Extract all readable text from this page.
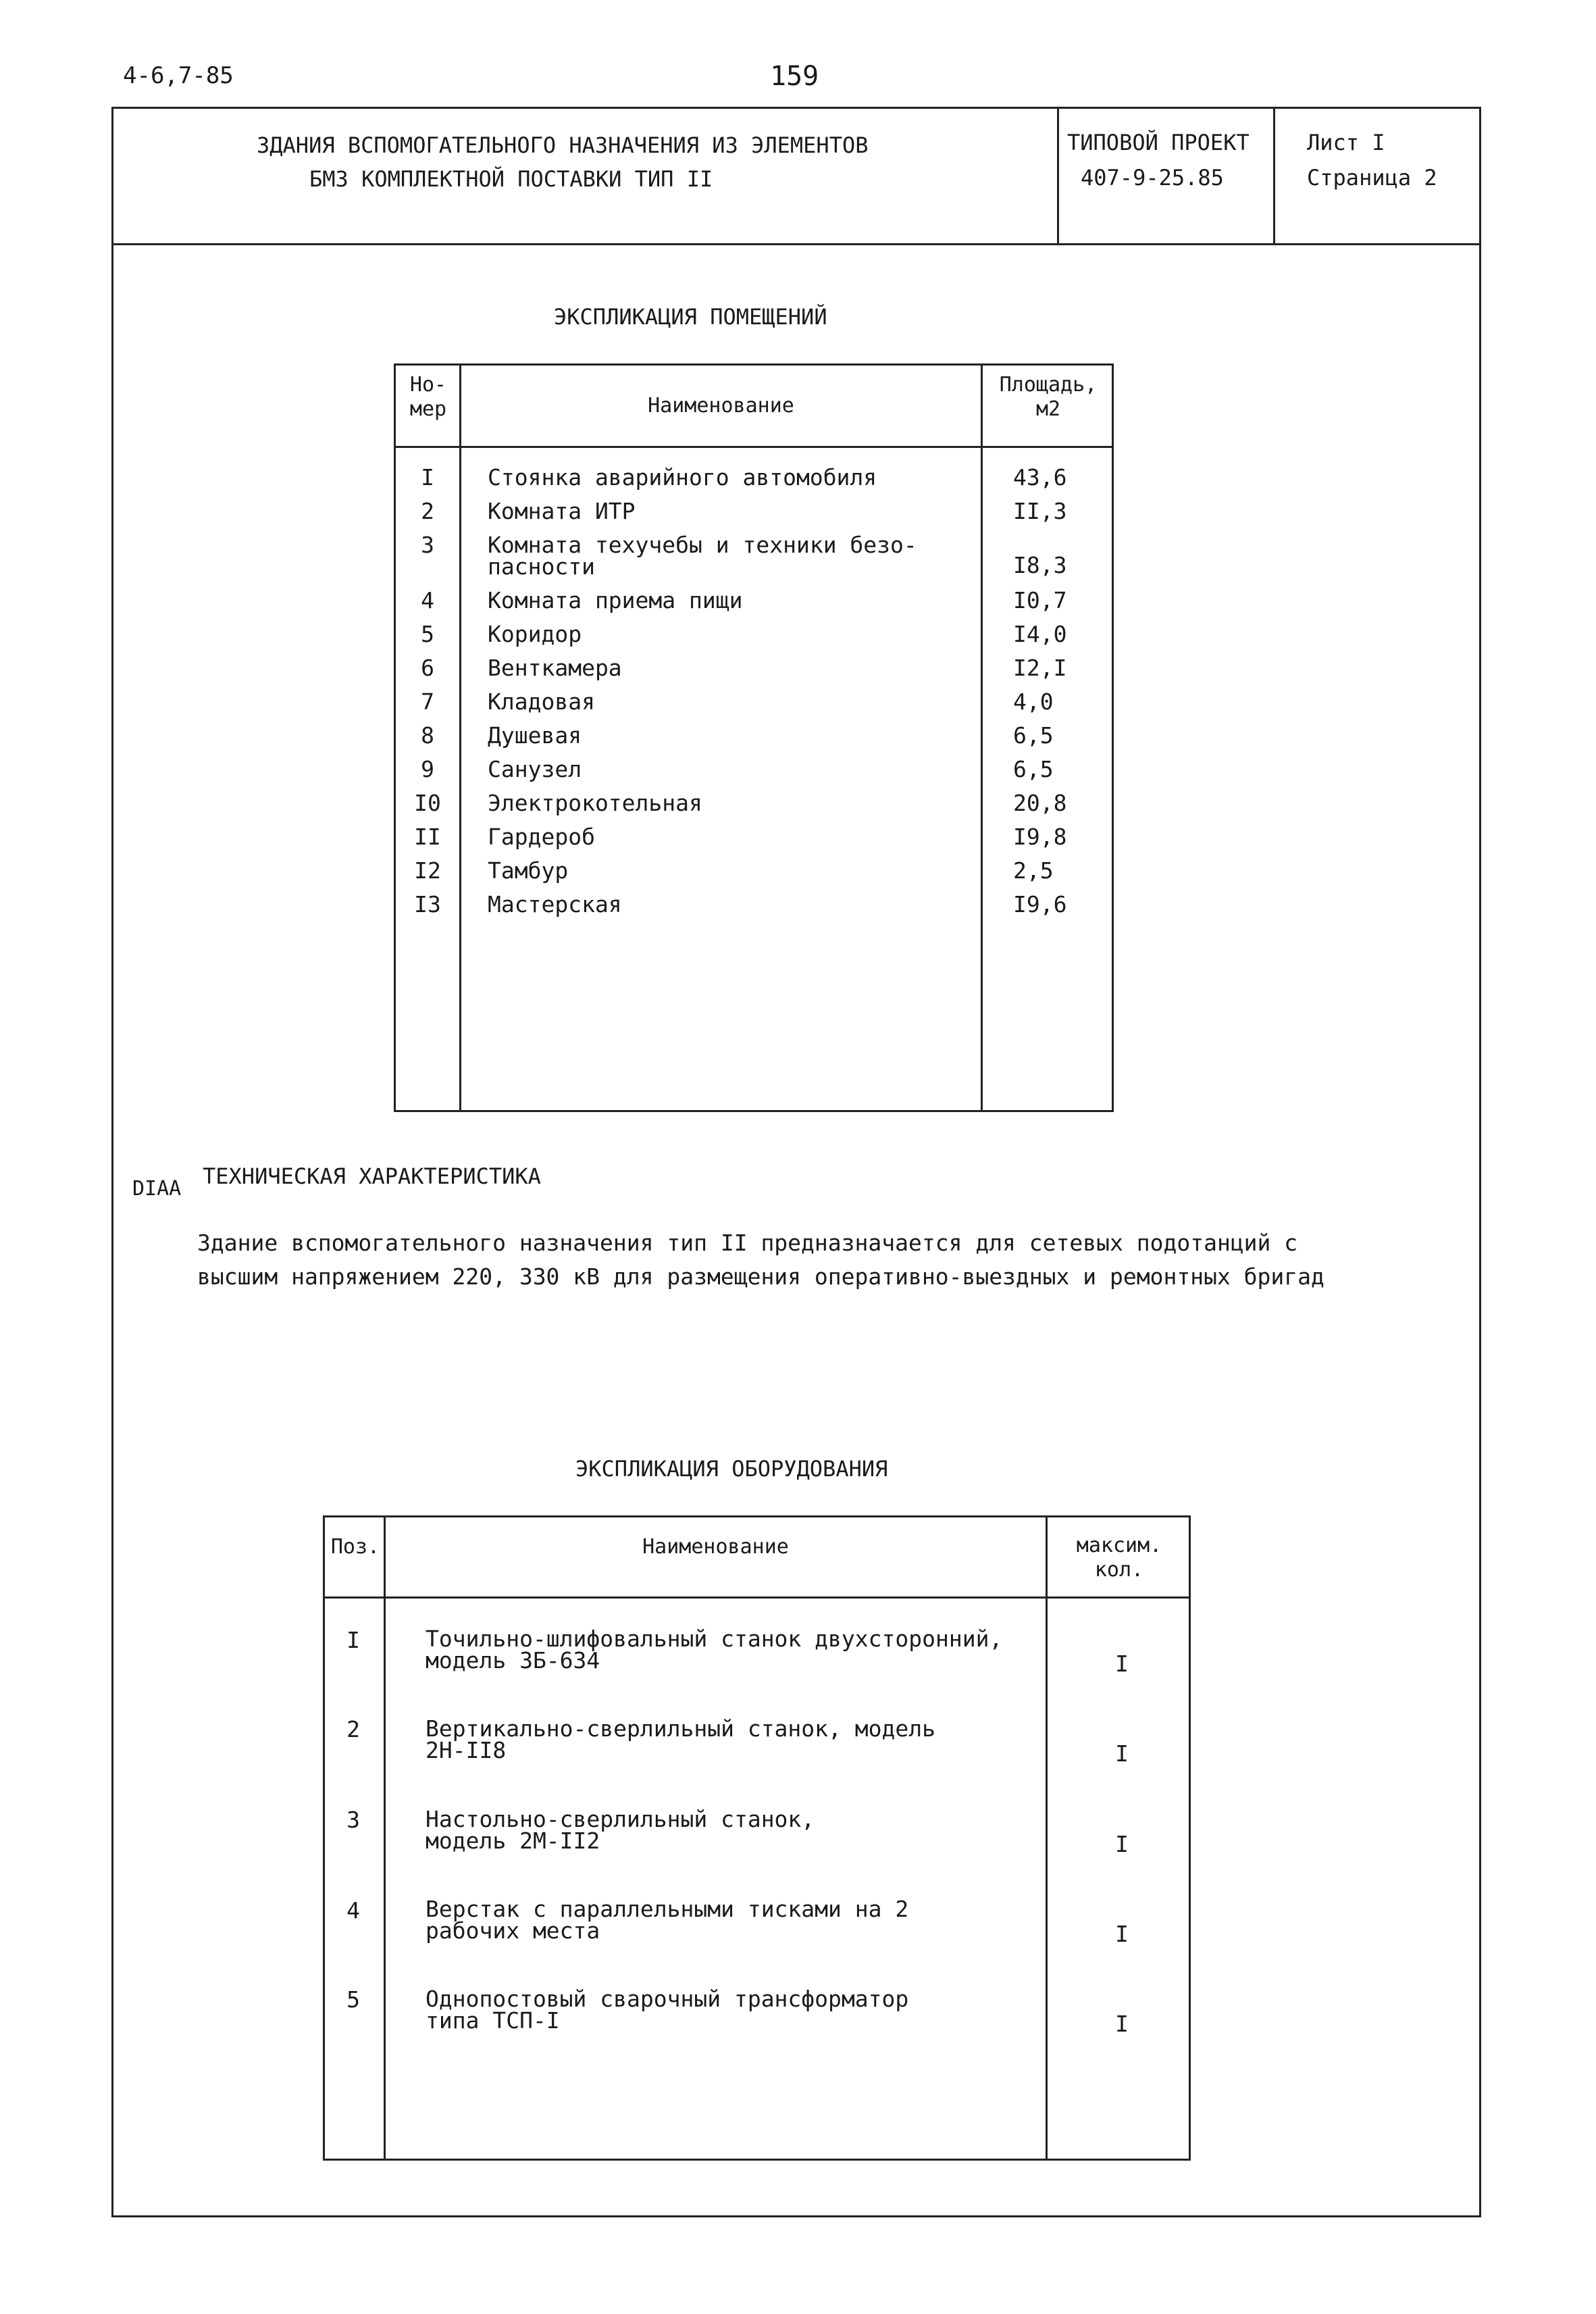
4-6,7-85	159
ЗДАНИЯ ВСПОМОГАТЕЛЬНОГО НАЗНАЧЕНИЯ ИЗ ЭЛЕМЕНТОВ
БМЗ КОМПЛЕКТНОЙ ПОСТАВКИ ТИП II
ТИПОВОЙ ПРОЕКТ
407-9-25.85
Лист I
Страница 2
ЭКСПЛИКАЦИЯ ПОМЕЩЕНИЙ
Но-
мер	Наименование
Площадь,
м2
I	Стоянка аварийного автомобиля	43,6
2	Комната ИТР	II,3
3	Комната техучебы и техники безо-
пасности	I8,3
4	Комната приема пищи	I0,7
5	Коридор	I4,0
6	Венткамера	I2,I
7	Кладовая	4,0
8	Душевая	6,5
9	Санузел	6,5
I0	Электрокотельная	20,8
II	Гардероб	I9,8
I2	Тамбур	2,5
I3	Мастерская	I9,6
DIAA ТЕХНИЧЕСКАЯ ХАРАКТЕРИСТИКА
Здание вспомогательного назначения тип II предназначается для сетевых подотанций с
высшим напряжением 220, 330 кВ для размещения оперативно-выездных и ремонтных бригад
ЭКСПЛИКАЦИЯ ОБОРУДОВАНИЯ
Поз.	Наименование	максим.
кол.
I	Точильно-шлифовальный станок двухсторонний,
модель 3Б-634	I
2	Вертикально-сверлильный станок, модель
2Н-II8	I
3	Настольно-сверлильный станок,
модель 2М-II2	I
4	Верстак с параллельными тисками на 2
рабочих места	I
5	Однопостовый сварочный трансформатор
типа ТСП-I	I
